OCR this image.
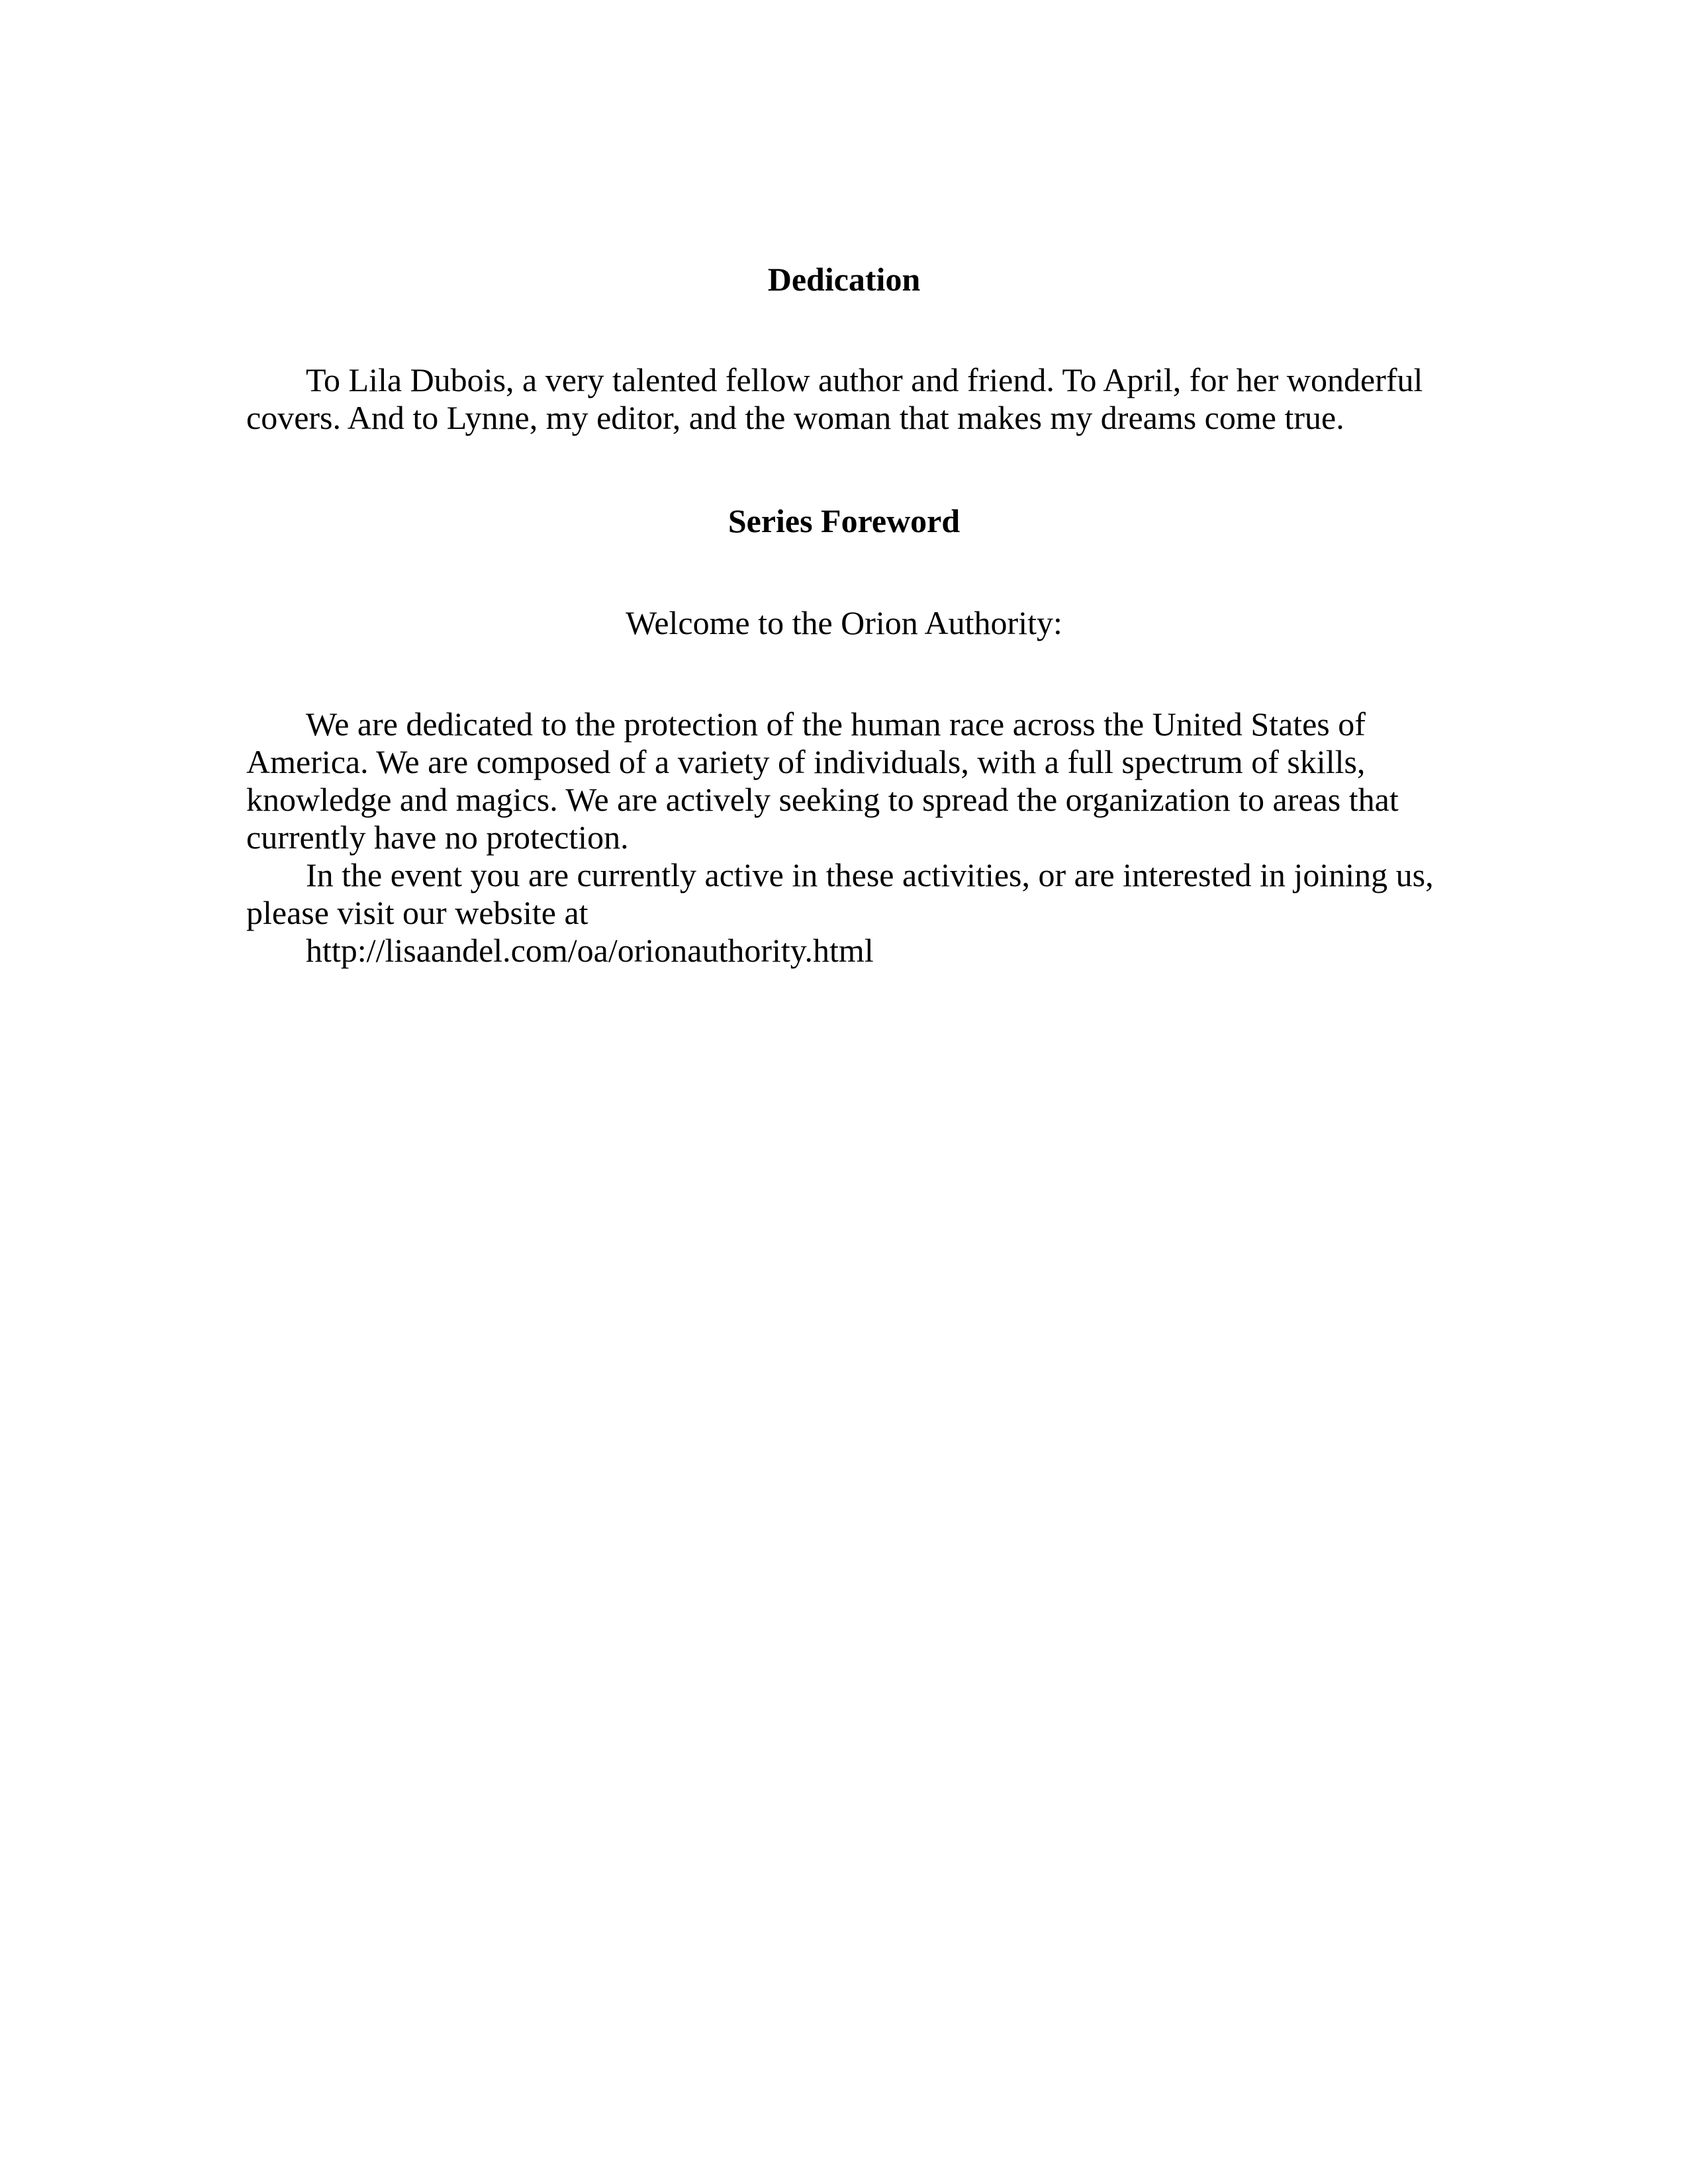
Dedication

To Lila Dubois, a very talented fellow author and friend. To April, for her wonderful covers. And to Lynne, my editor, and the woman that makes my dreams come true.

Series Foreword

Welcome to the Orion Authority:

We are dedicated to the protection of the human race across the United States of America. We are composed of a variety of individuals, with a full spectrum of skills, knowledge and magics. We are actively seeking to spread the organization to areas that currently have no protection.

In the event you are currently active in these activities, or are interested in joining us, please visit our website at

http://lisaandel.com/oa/orionauthority.html
